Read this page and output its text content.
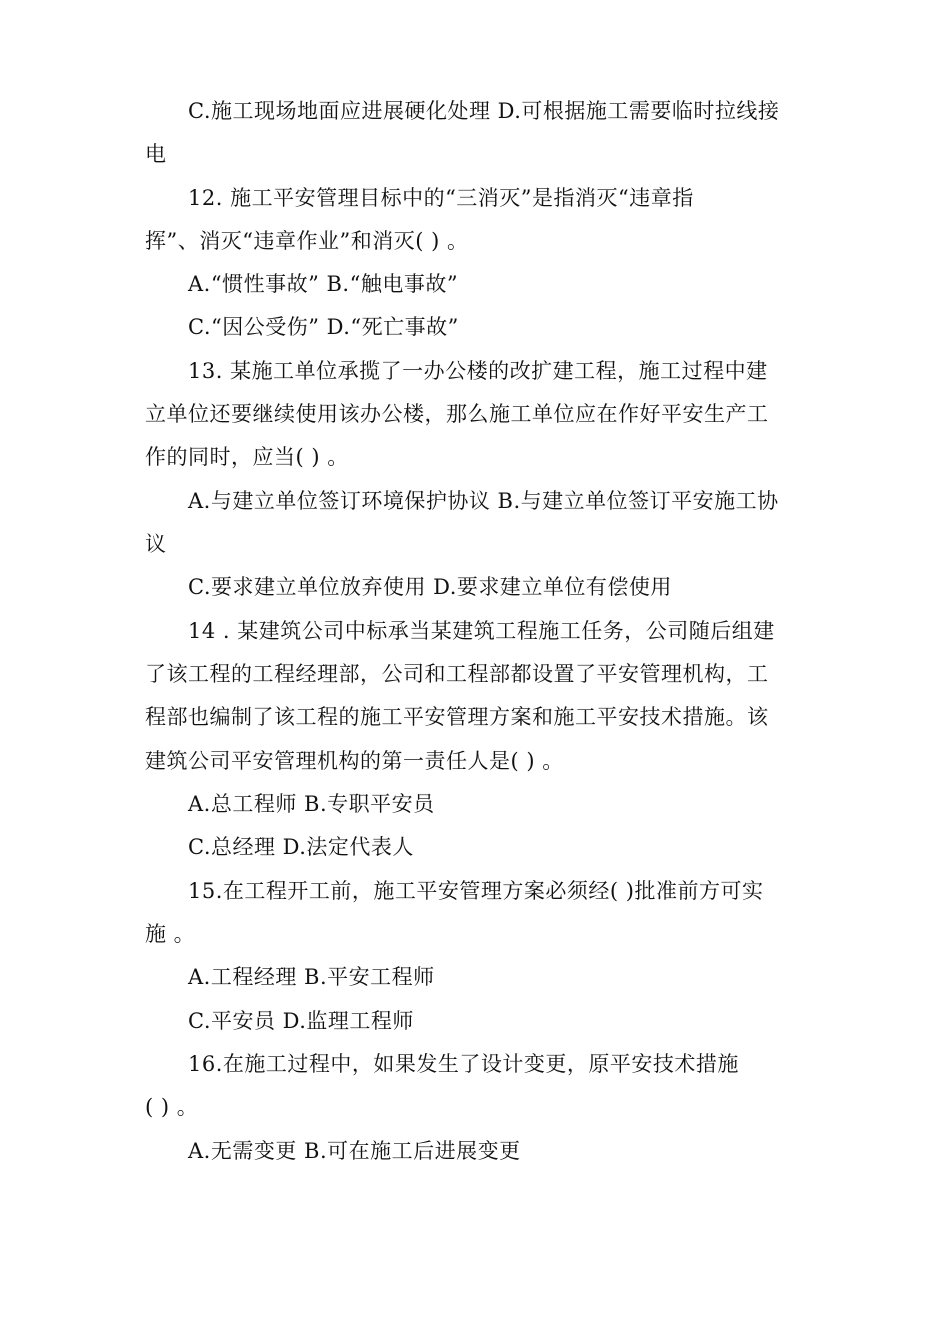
C.施工现场地面应进展硬化处理 D.可根据施工需要临时拉线接
电
12. 施工平安管理目标中的“三消灭”是指消灭“违章指
挥”、消灭“违章作业”和消灭( ) 。
A.“惯性事故” B.“触电事故”
C.“因公受伤” D.“死亡事故”
13. 某施工单位承揽了一办公楼的改扩建工程，施工过程中建
立单位还要继续使用该办公楼，那么施工单位应在作好平安生产工
作的同时，应当( ) 。
A.与建立单位签订环境保护协议 B.与建立单位签订平安施工协
议
C.要求建立单位放弃使用 D.要求建立单位有偿使用
14 . 某建筑公司中标承当某建筑工程施工任务，公司随后组建
了该工程的工程经理部，公司和工程部都设置了平安管理机构，工
程部也编制了该工程的施工平安管理方案和施工平安技术措施。该
建筑公司平安管理机构的第一责任人是( ) 。
A.总工程师 B.专职平安员
C.总经理 D.法定代表人
15.在工程开工前，施工平安管理方案必须经( )批准前方可实
施 。
A.工程经理 B.平安工程师
C.平安员 D.监理工程师
16.在施工过程中，如果发生了设计变更，原平安技术措施
( ) 。
A.无需变更 B.可在施工后进展变更
